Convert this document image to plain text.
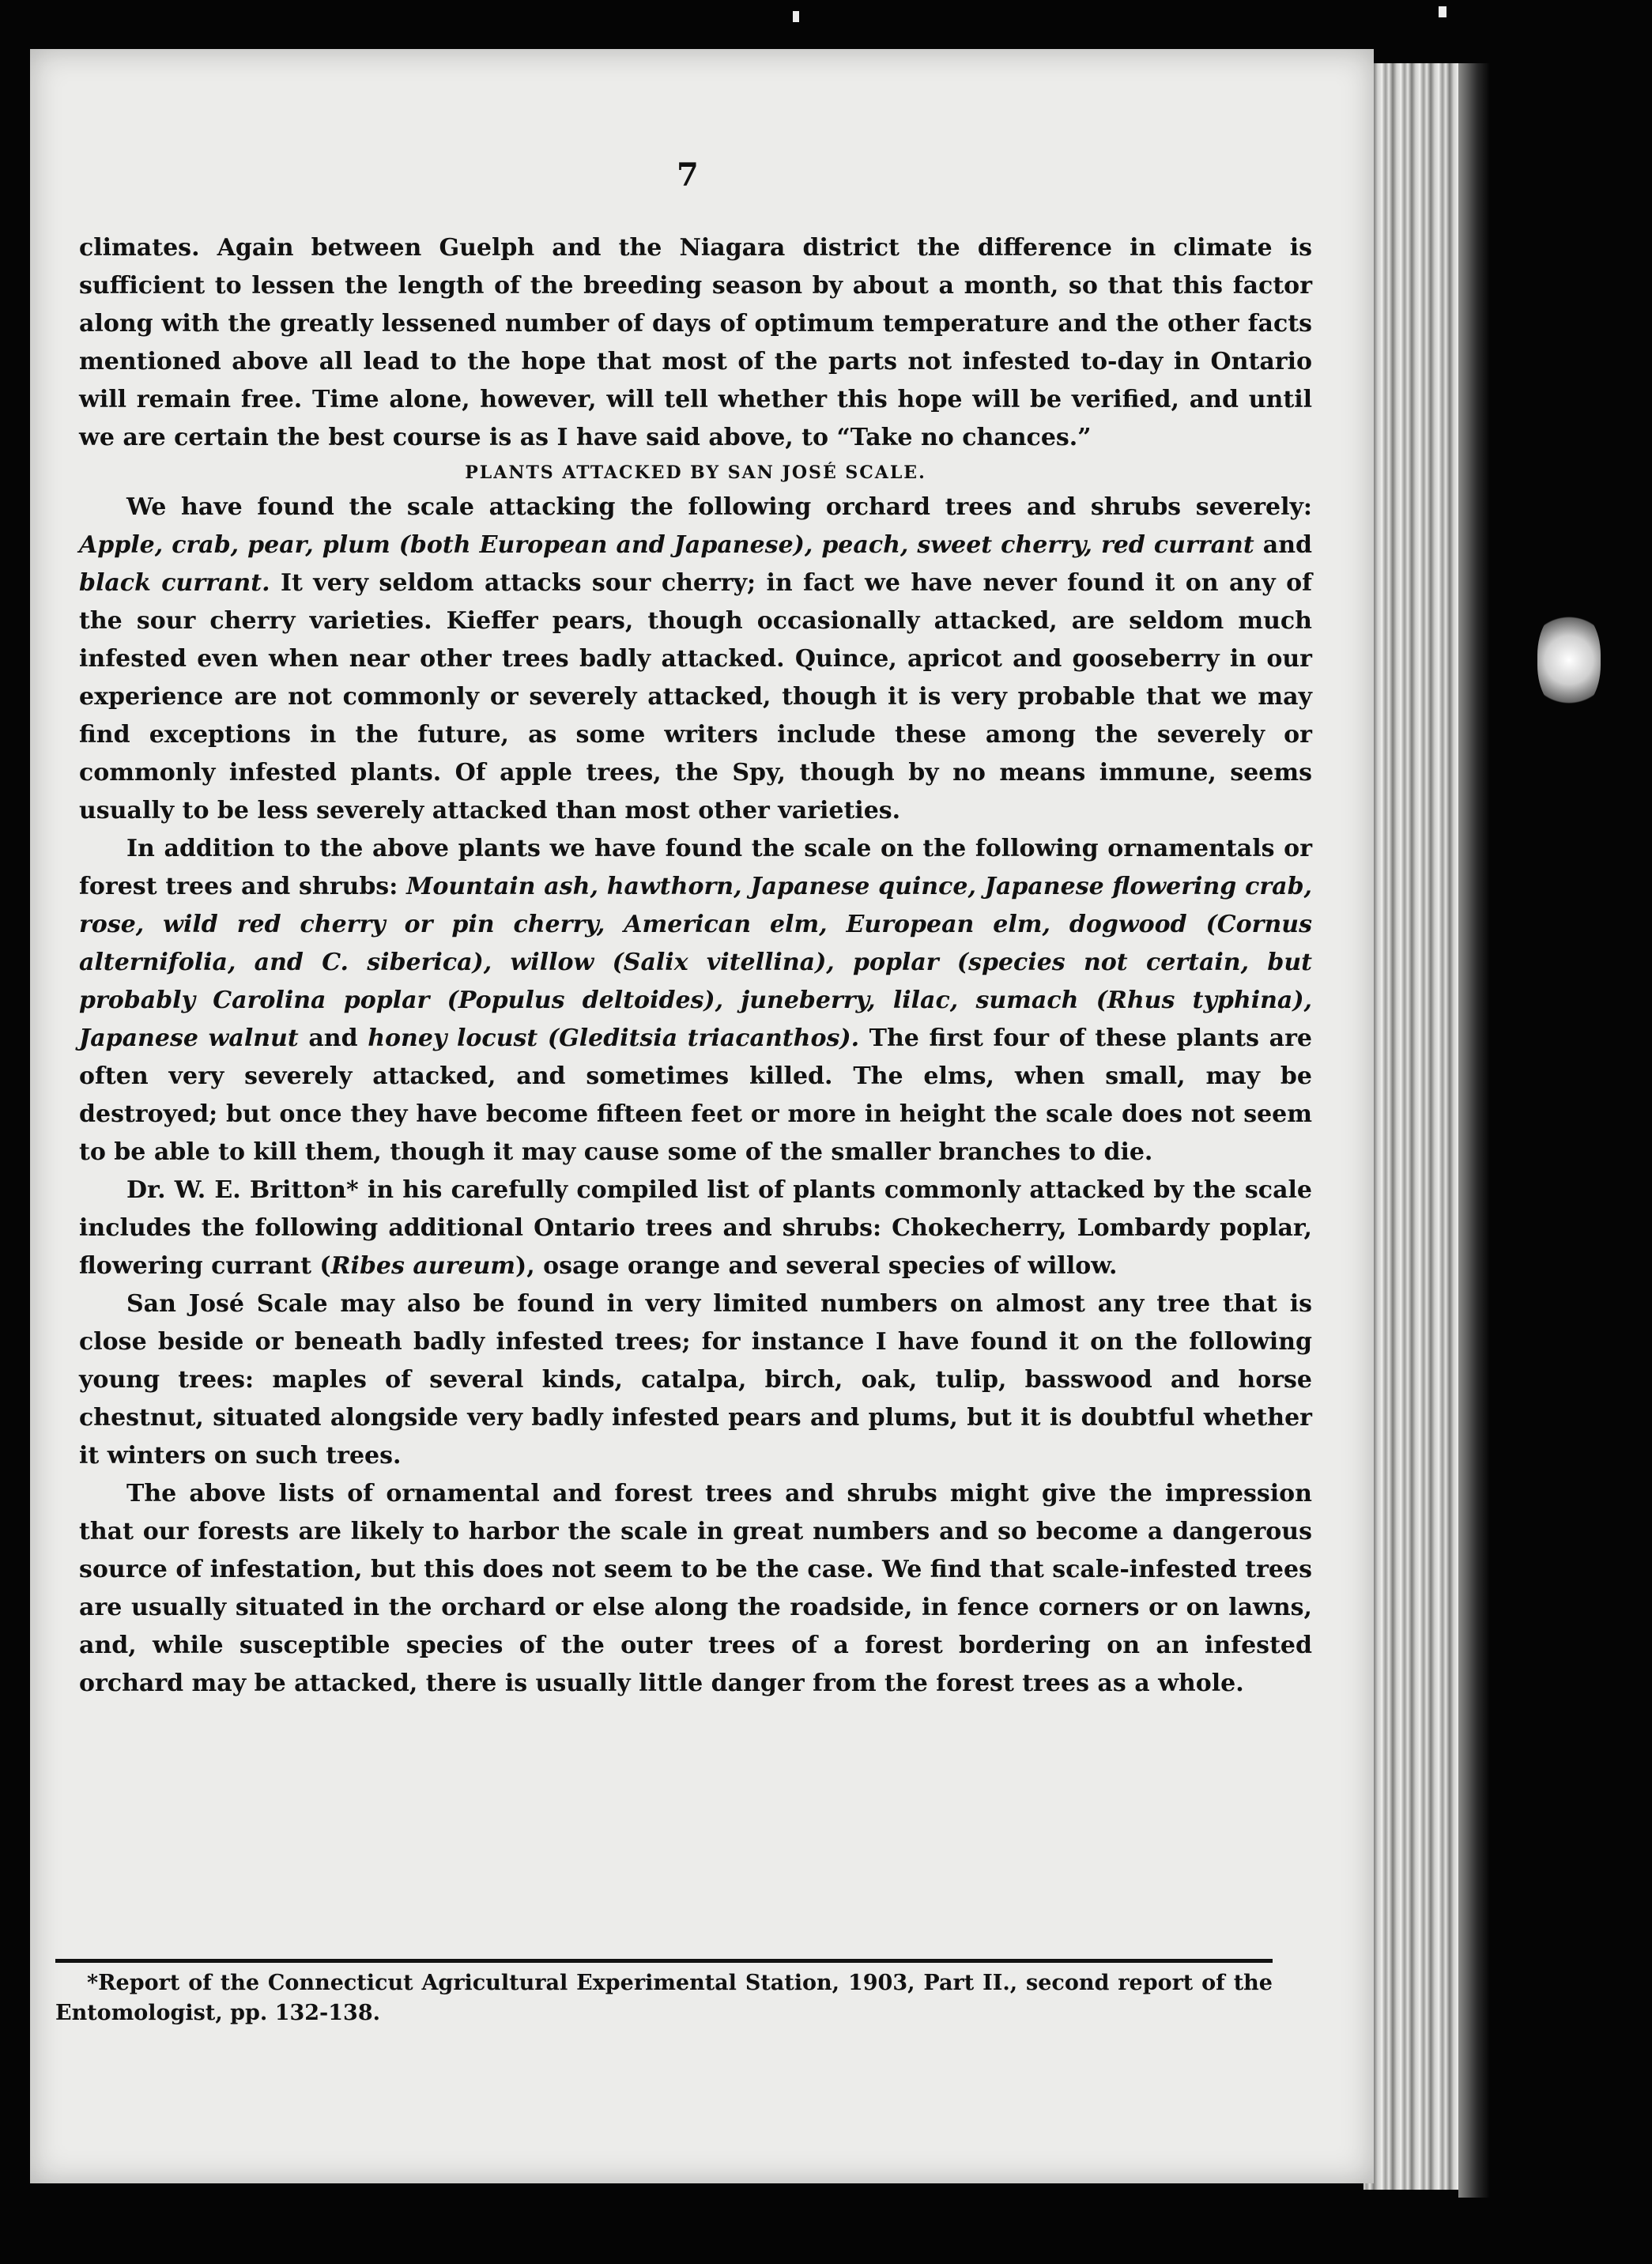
7

climates. Again between Guelph and the Niagara district the difference in climate is sufficient to lessen the length of the breeding season by about a month, so that this factor along with the greatly lessened number of days of optimum temperature and the other facts mentioned above all lead to the hope that most of the parts not infested to-day in Ontario will remain free. Time alone, however, will tell whether this hope will be verified, and until we are certain the best course is as I have said above, to “Take no chances.”

PLANTS ATTACKED BY SAN JOSÉ SCALE.

We have found the scale attacking the following orchard trees and shrubs severely: Apple, crab, pear, plum (both European and Japanese), peach, sweet cherry, red currant and black currant. It very seldom attacks sour cherry; in fact we have never found it on any of the sour cherry varieties. Kieffer pears, though occasionally attacked, are seldom much infested even when near other trees badly attacked. Quince, apricot and gooseberry in our experience are not commonly or severely attacked, though it is very probable that we may find exceptions in the future, as some writers include these among the severely or commonly infested plants. Of apple trees, the Spy, though by no means immune, seems usually to be less severely attacked than most other varieties.

In addition to the above plants we have found the scale on the following ornamentals or forest trees and shrubs: Mountain ash, hawthorn, Japanese quince, Japanese flowering crab, rose, wild red cherry or pin cherry, American elm, European elm, dogwood (Cornus alternifolia, and C. siberica), willow (Salix vitellina), poplar (species not certain, but probably Carolina poplar (Populus deltoides), juneberry, lilac, sumach (Rhus typhina), Japanese walnut and honey locust (Gleditsia triacanthos). The first four of these plants are often very severely attacked, and sometimes killed. The elms, when small, may be destroyed; but once they have become fifteen feet or more in height the scale does not seem to be able to kill them, though it may cause some of the smaller branches to die.

Dr. W. E. Britton* in his carefully compiled list of plants commonly attacked by the scale includes the following additional Ontario trees and shrubs: Chokecherry, Lombardy poplar, flowering currant (Ribes aureum), osage orange and several species of willow.

San José Scale may also be found in very limited numbers on almost any tree that is close beside or beneath badly infested trees; for instance I have found it on the following young trees: maples of several kinds, catalpa, birch, oak, tulip, basswood and horse chestnut, situated alongside very badly infested pears and plums, but it is doubtful whether it winters on such trees.

The above lists of ornamental and forest trees and shrubs might give the impression that our forests are likely to harbor the scale in great numbers and so become a dangerous source of infestation, but this does not seem to be the case. We find that scale-infested trees are usually situated in the orchard or else along the roadside, in fence corners or on lawns, and, while susceptible species of the outer trees of a forest bordering on an infested orchard may be attacked, there is usually little danger from the forest trees as a whole.

*Report of the Connecticut Agricultural Experimental Station, 1903, Part II., second report of the Entomologist, pp. 132-138.
